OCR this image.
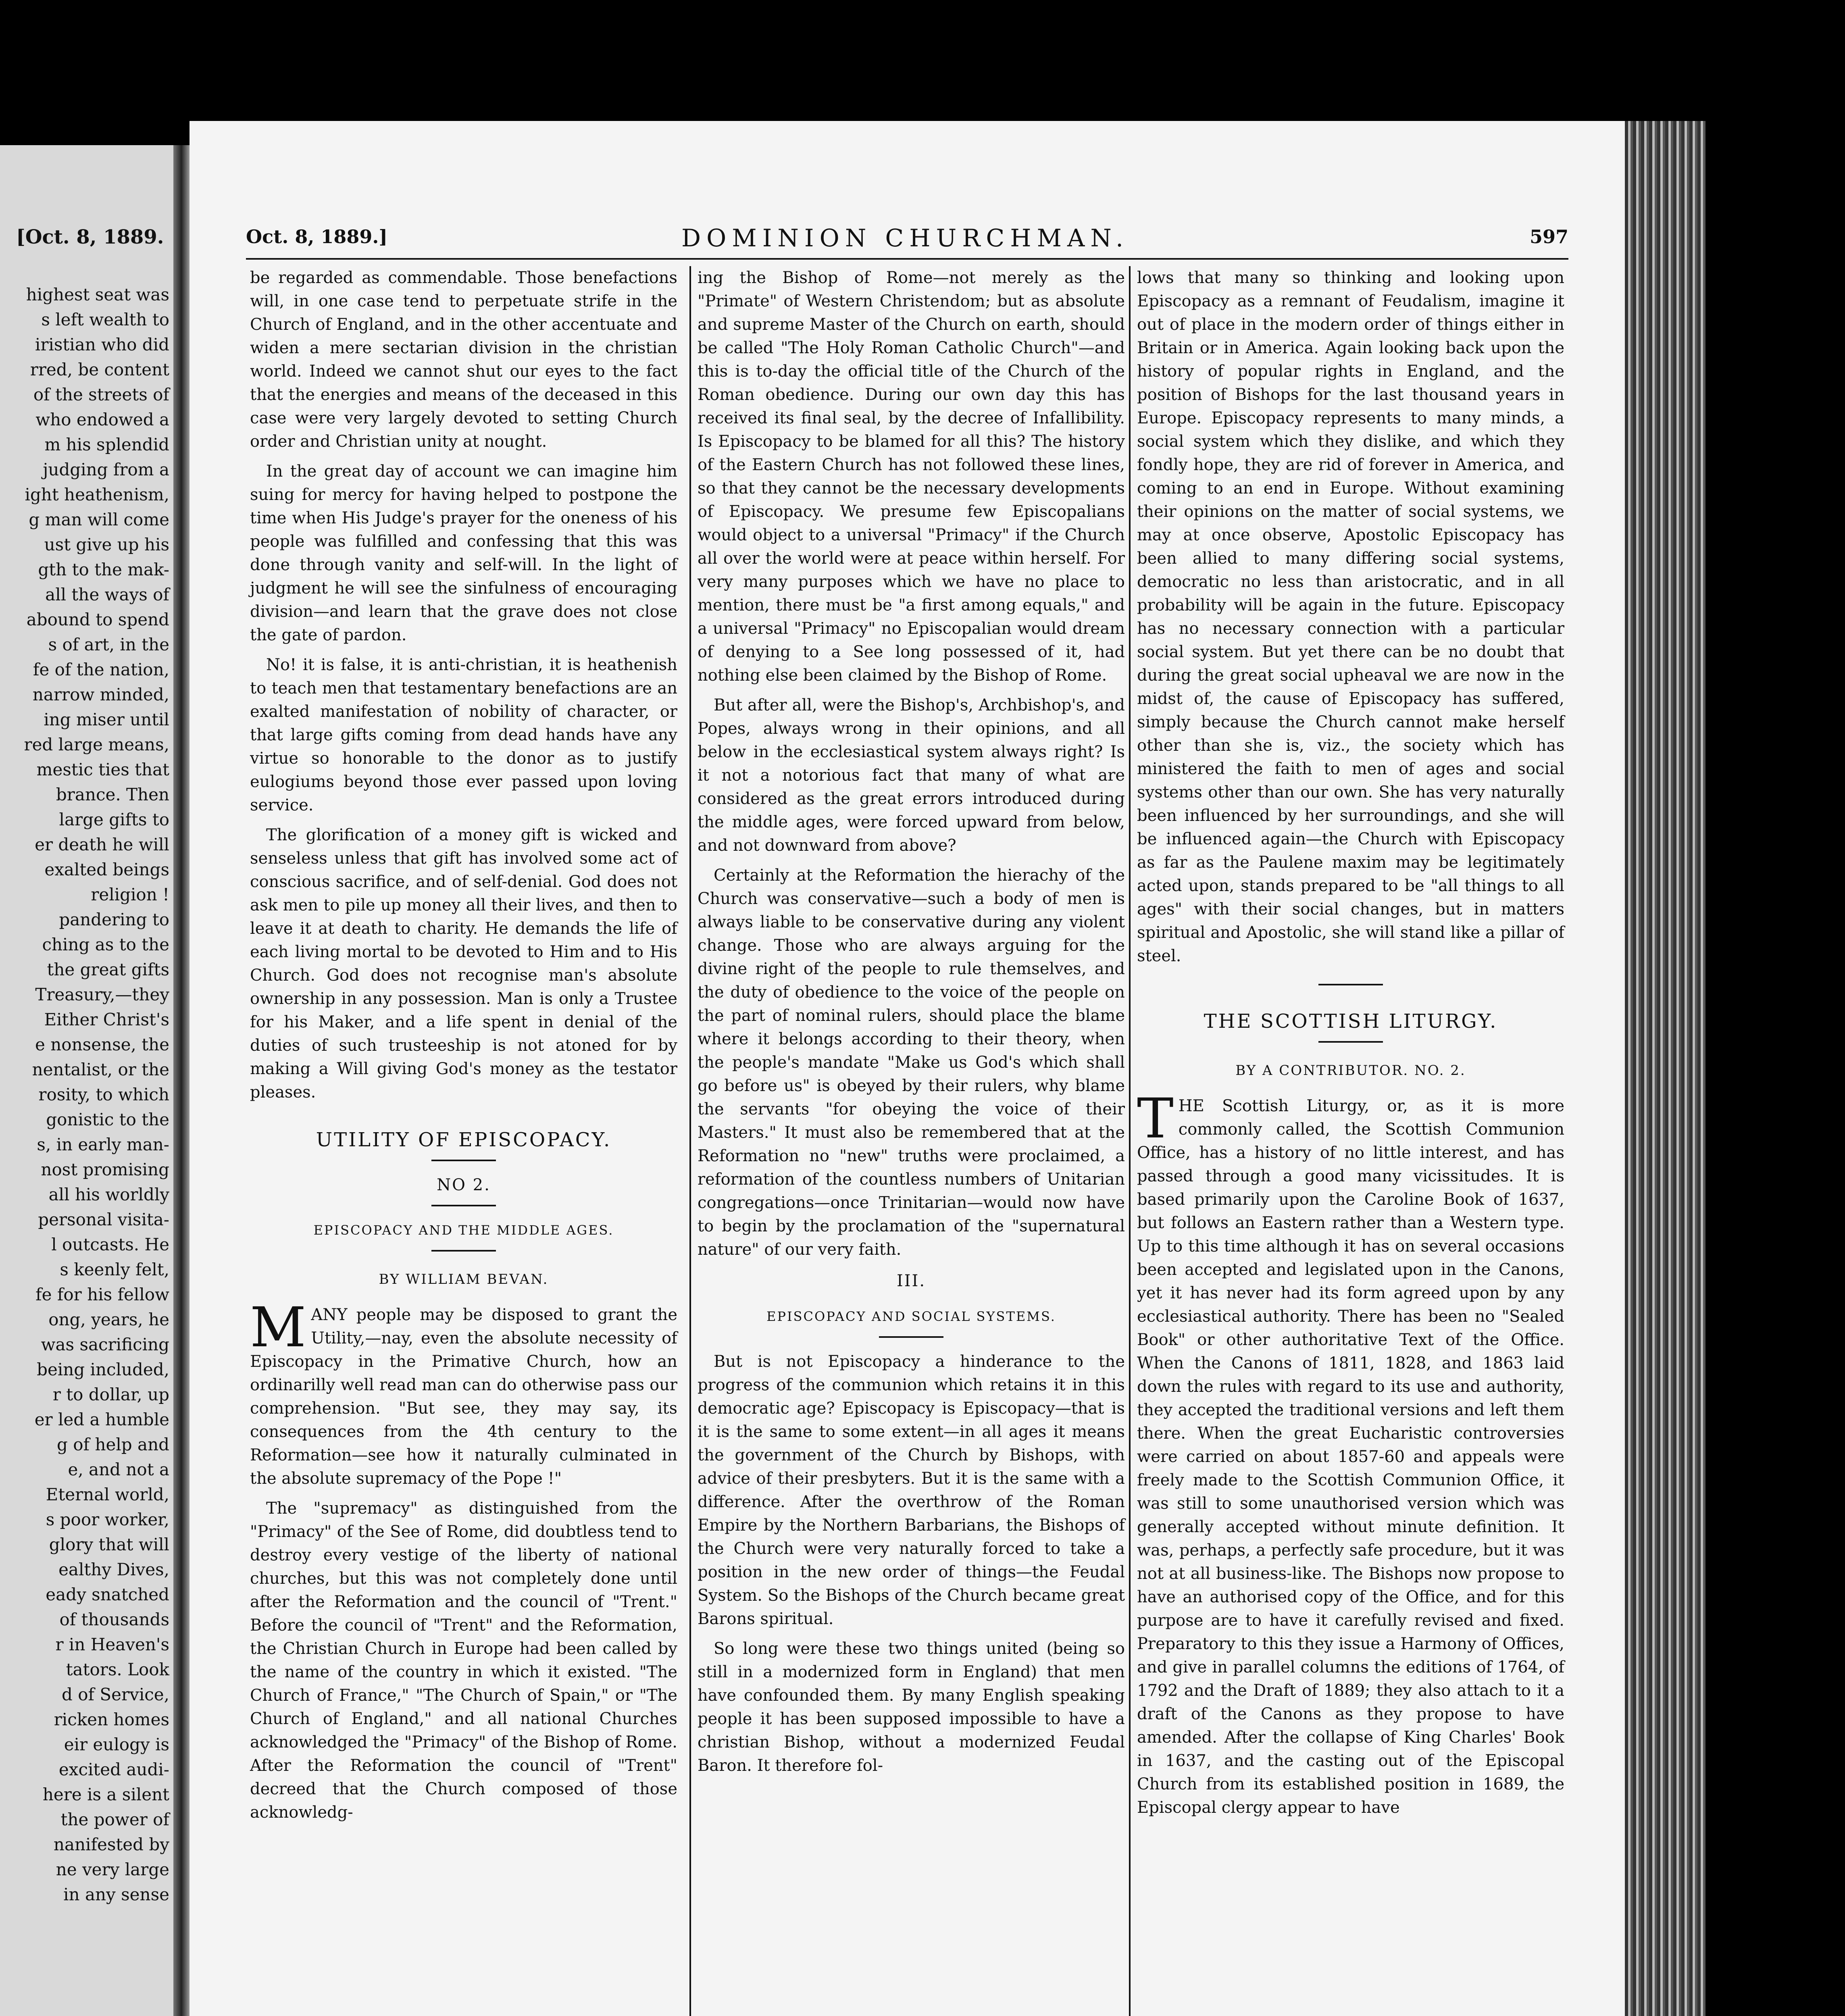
[Oct. 8, 1889.
highest seat was
s left wealth to
iristian who did
rred, be content
of the streets of
who endowed a
m his splendid
judging from a
ight heathenism,
g man will come
ust give up his
gth to the mak-
all the ways of
abound to spend
s of art, in the
fe of the nation,
narrow minded,
ing miser until
red large means,
mestic ties that
brance. Then
large gifts to
er death he will
exalted beings
religion !
pandering to
ching as to the
the great gifts
Treasury,—they
Either Christ's
e nonsense, the
nentalist, or the
rosity, to which
gonistic to the
s, in early man-
nost promising
all his worldly
personal visita-
l outcasts. He
s keenly felt,
fe for his fellow
ong, years, he
was sacrificing
being included,
r to dollar, up
er led a humble
g of help and
e, and not a
Eternal world,
s poor worker,
glory that will
ealthy Dives,
eady snatched
of thousands
r in Heaven's
tators. Look
d of Service,
ricken homes
eir eulogy is
excited audi-
here is a silent
the power of
nanifested by
ne very large
in any sense
Oct. 8, 1889.]	DOMINION CHURCHMAN.	597

be regarded as commendable. Those benefactions will, in one case tend to perpetuate strife in the Church of England, and in the other accentuate and widen a mere sectarian division in the christian world. Indeed we cannot shut our eyes to the fact that the energies and means of the deceased in this case were very largely devoted to setting Church order and Christian unity at nought.

In the great day of account we can imagine him suing for mercy for having helped to postpone the time when His Judge's prayer for the oneness of his people was fulfilled and confessing that this was done through vanity and self-will. In the light of judgment he will see the sinfulness of encouraging division—and learn that the grave does not close the gate of pardon.

No! it is false, it is anti-christian, it is heathenish to teach men that testamentary benefactions are an exalted manifestation of nobility of character, or that large gifts coming from dead hands have any virtue so honorable to the donor as to justify eulogiums beyond those ever passed upon loving service.

The glorification of a money gift is wicked and senseless unless that gift has involved some act of conscious sacrifice, and of self-denial. God does not ask men to pile up money all their lives, and then to leave it at death to charity. He demands the life of each living mortal to be devoted to Him and to His Church. God does not recognise man's absolute ownership in any possession. Man is only a Trustee for his Maker, and a life spent in denial of the duties of such trusteeship is not atoned for by making a Will giving God's money as the testator pleases.

UTILITY OF EPISCOPACY.
NO 2.
EPISCOPACY AND THE MIDDLE AGES.
BY WILLIAM BEVAN.

MANY people may be disposed to grant the Utility,—nay, even the absolute necessity of Episcopacy in the Primative Church, how an ordinarilly well read man can do otherwise pass our comprehension. "But see, they may say, its consequences from the 4th century to the Reformation—see how it naturally culminated in the absolute supremacy of the Pope !"

The "supremacy" as distinguished from the "Primacy" of the See of Rome, did doubtless tend to destroy every vestige of the liberty of national churches, but this was not completely done until after the Reformation and the council of "Trent." Before the council of "Trent" and the Reformation, the Christian Church in Europe had been called by the name of the country in which it existed. "The Church of France," "The Church of Spain," or "The Church of England," and all national Churches acknowledged the "Primacy" of the Bishop of Rome. After the Reformation the council of "Trent" decreed that the Church composed of those acknowledg-

ing the Bishop of Rome—not merely as the "Primate" of Western Christendom; but as absolute and supreme Master of the Church on earth, should be called "The Holy Roman Catholic Church"—and this is to-day the official title of the Church of the Roman obedience. During our own day this has received its final seal, by the decree of Infallibility. Is Episcopacy to be blamed for all this? The history of the Eastern Church has not followed these lines, so that they cannot be the necessary developments of Episcopacy. We presume few Episcopalians would object to a universal "Primacy" if the Church all over the world were at peace within herself. For very many purposes which we have no place to mention, there must be "a first among equals," and a universal "Primacy" no Episcopalian would dream of denying to a See long possessed of it, had nothing else been claimed by the Bishop of Rome.

But after all, were the Bishop's, Archbishop's, and Popes, always wrong in their opinions, and all below in the ecclesiastical system always right? Is it not a notorious fact that many of what are considered as the great errors introduced during the middle ages, were forced upward from below, and not downward from above?

Certainly at the Reformation the hierachy of the Church was conservative—such a body of men is always liable to be conservative during any violent change. Those who are always arguing for the divine right of the people to rule themselves, and the duty of obedience to the voice of the people on the part of nominal rulers, should place the blame where it belongs according to their theory, when the people's mandate "Make us God's which shall go before us" is obeyed by their rulers, why blame the servants "for obeying the voice of their Masters." It must also be remembered that at the Reformation no "new" truths were proclaimed, a reformation of the countless numbers of Unitarian congregations—once Trinitarian—would now have to begin by the proclamation of the "supernatural nature" of our very faith.

III.
EPISCOPACY AND SOCIAL SYSTEMS.

But is not Episcopacy a hinderance to the progress of the communion which retains it in this democratic age? Episcopacy is Episcopacy—that is it is the same to some extent—in all ages it means the government of the Church by Bishops, with advice of their presbyters. But it is the same with a difference. After the overthrow of the Roman Empire by the Northern Barbarians, the Bishops of the Church were very naturally forced to take a position in the new order of things—the Feudal System. So the Bishops of the Church became great Barons spiritual.

So long were these two things united (being so still in a modernized form in England) that men have confounded them. By many English speaking people it has been supposed impossible to have a christian Bishop, without a modernized Feudal Baron. It therefore fol-

lows that many so thinking and looking upon Episcopacy as a remnant of Feudalism, imagine it out of place in the modern order of things either in Britain or in America. Again looking back upon the history of popular rights in England, and the position of Bishops for the last thousand years in Europe. Episcopacy represents to many minds, a social system which they dislike, and which they fondly hope, they are rid of forever in America, and coming to an end in Europe. Without examining their opinions on the matter of social systems, we may at once observe, Apostolic Episcopacy has been allied to many differing social systems, democratic no less than aristocratic, and in all probability will be again in the future. Episcopacy has no necessary connection with a particular social system. But yet there can be no doubt that during the great social upheaval we are now in the midst of, the cause of Episcopacy has suffered, simply because the Church cannot make herself other than she is, viz., the society which has ministered the faith to men of ages and social systems other than our own. She has very naturally been influenced by her surroundings, and she will be influenced again—the Church with Episcopacy as far as the Paulene maxim may be legitimately acted upon, stands prepared to be "all things to all ages" with their social changes, but in matters spiritual and Apostolic, she will stand like a pillar of steel.

THE SCOTTISH LITURGY.
BY A CONTRIBUTOR. NO. 2.

THE Scottish Liturgy, or, as it is more commonly called, the Scottish Communion Office, has a history of no little interest, and has passed through a good many vicissitudes. It is based primarily upon the Caroline Book of 1637, but follows an Eastern rather than a Western type. Up to this time although it has on several occasions been accepted and legislated upon in the Canons, yet it has never had its form agreed upon by any ecclesiastical authority. There has been no "Sealed Book" or other authoritative Text of the Office. When the Canons of 1811, 1828, and 1863 laid down the rules with regard to its use and authority, they accepted the traditional versions and left them there. When the great Eucharistic controversies were carried on about 1857-60 and appeals were freely made to the Scottish Communion Office, it was still to some unauthorised version which was generally accepted without minute definition. It was, perhaps, a perfectly safe procedure, but it was not at all business-like. The Bishops now propose to have an authorised copy of the Office, and for this purpose are to have it carefully revised and fixed. Preparatory to this they issue a Harmony of Offices, and give in parallel columns the editions of 1764, of 1792 and the Draft of 1889; they also attach to it a draft of the Canons as they propose to have amended. After the collapse of King Charles' Book in 1637, and the casting out of the Episcopal Church from its established position in 1689, the Episcopal clergy appear to have
